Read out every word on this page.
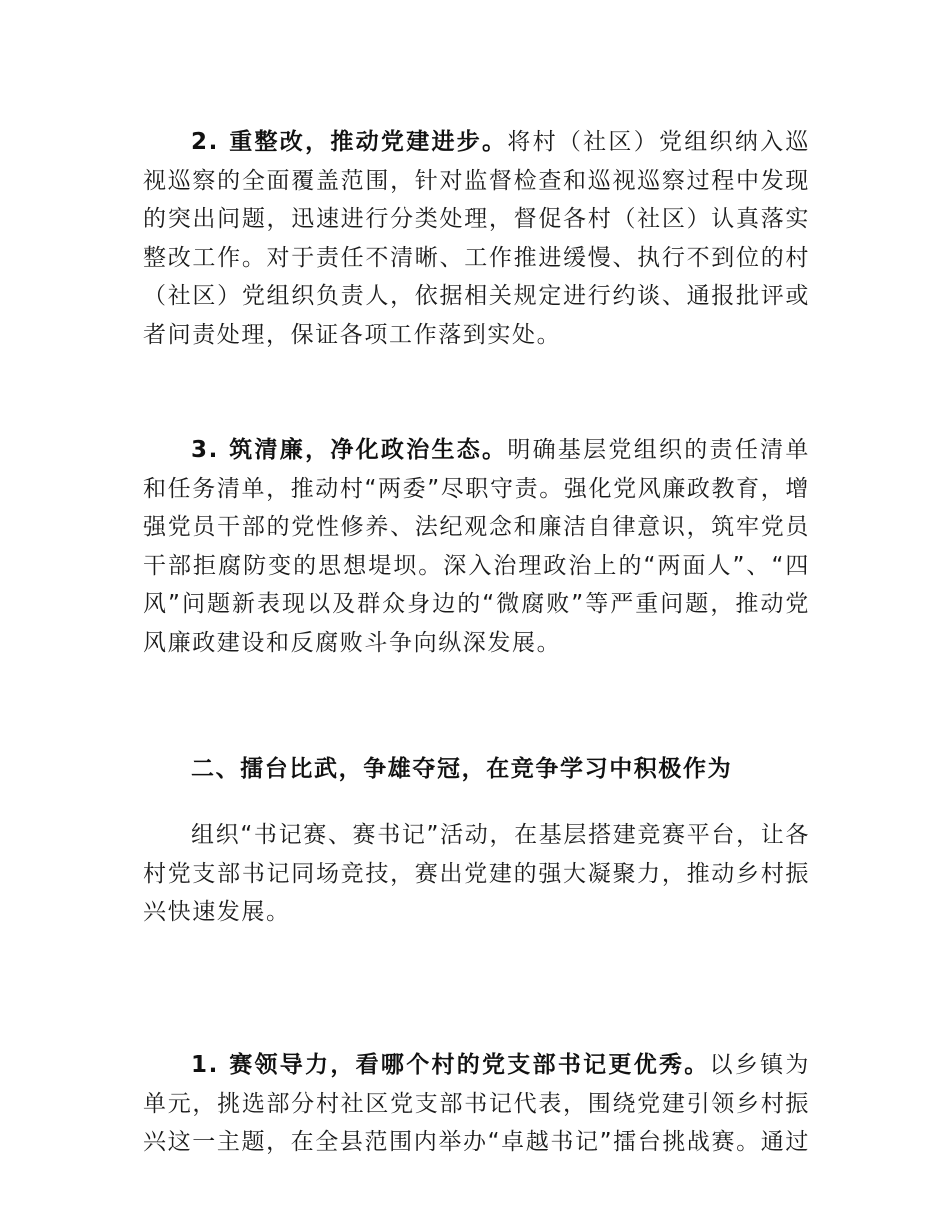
2. 重整改，推动党建进步。将村（社区）党组织纳入巡视巡察的全面覆盖范围，针对监督检查和巡视巡察过程中发现的突出问题，迅速进行分类处理，督促各村（社区）认真落实整改工作。对于责任不清晰、工作推进缓慢、执行不到位的村（社区）党组织负责人，依据相关规定进行约谈、通报批评或者问责处理，保证各项工作落到实处。

3. 筑清廉，净化政治生态。明确基层党组织的责任清单和任务清单，推动村“两委”尽职守责。强化党风廉政教育，增强党员干部的党性修养、法纪观念和廉洁自律意识，筑牢党员干部拒腐防变的思想堤坝。深入治理政治上的“两面人”、“四风”问题新表现以及群众身边的“微腐败”等严重问题，推动党风廉政建设和反腐败斗争向纵深发展。

二、擂台比武，争雄夺冠，在竞争学习中积极作为

组织“书记赛、赛书记”活动，在基层搭建竞赛平台，让各村党支部书记同场竞技，赛出党建的强大凝聚力，推动乡村振兴快速发展。

1. 赛领导力，看哪个村的党支部书记更优秀。以乡镇为单元，挑选部分村社区党支部书记代表，围绕党建引领乡村振兴这一主题，在全县范围内举办“卓越书记”擂台挑战赛。通过
